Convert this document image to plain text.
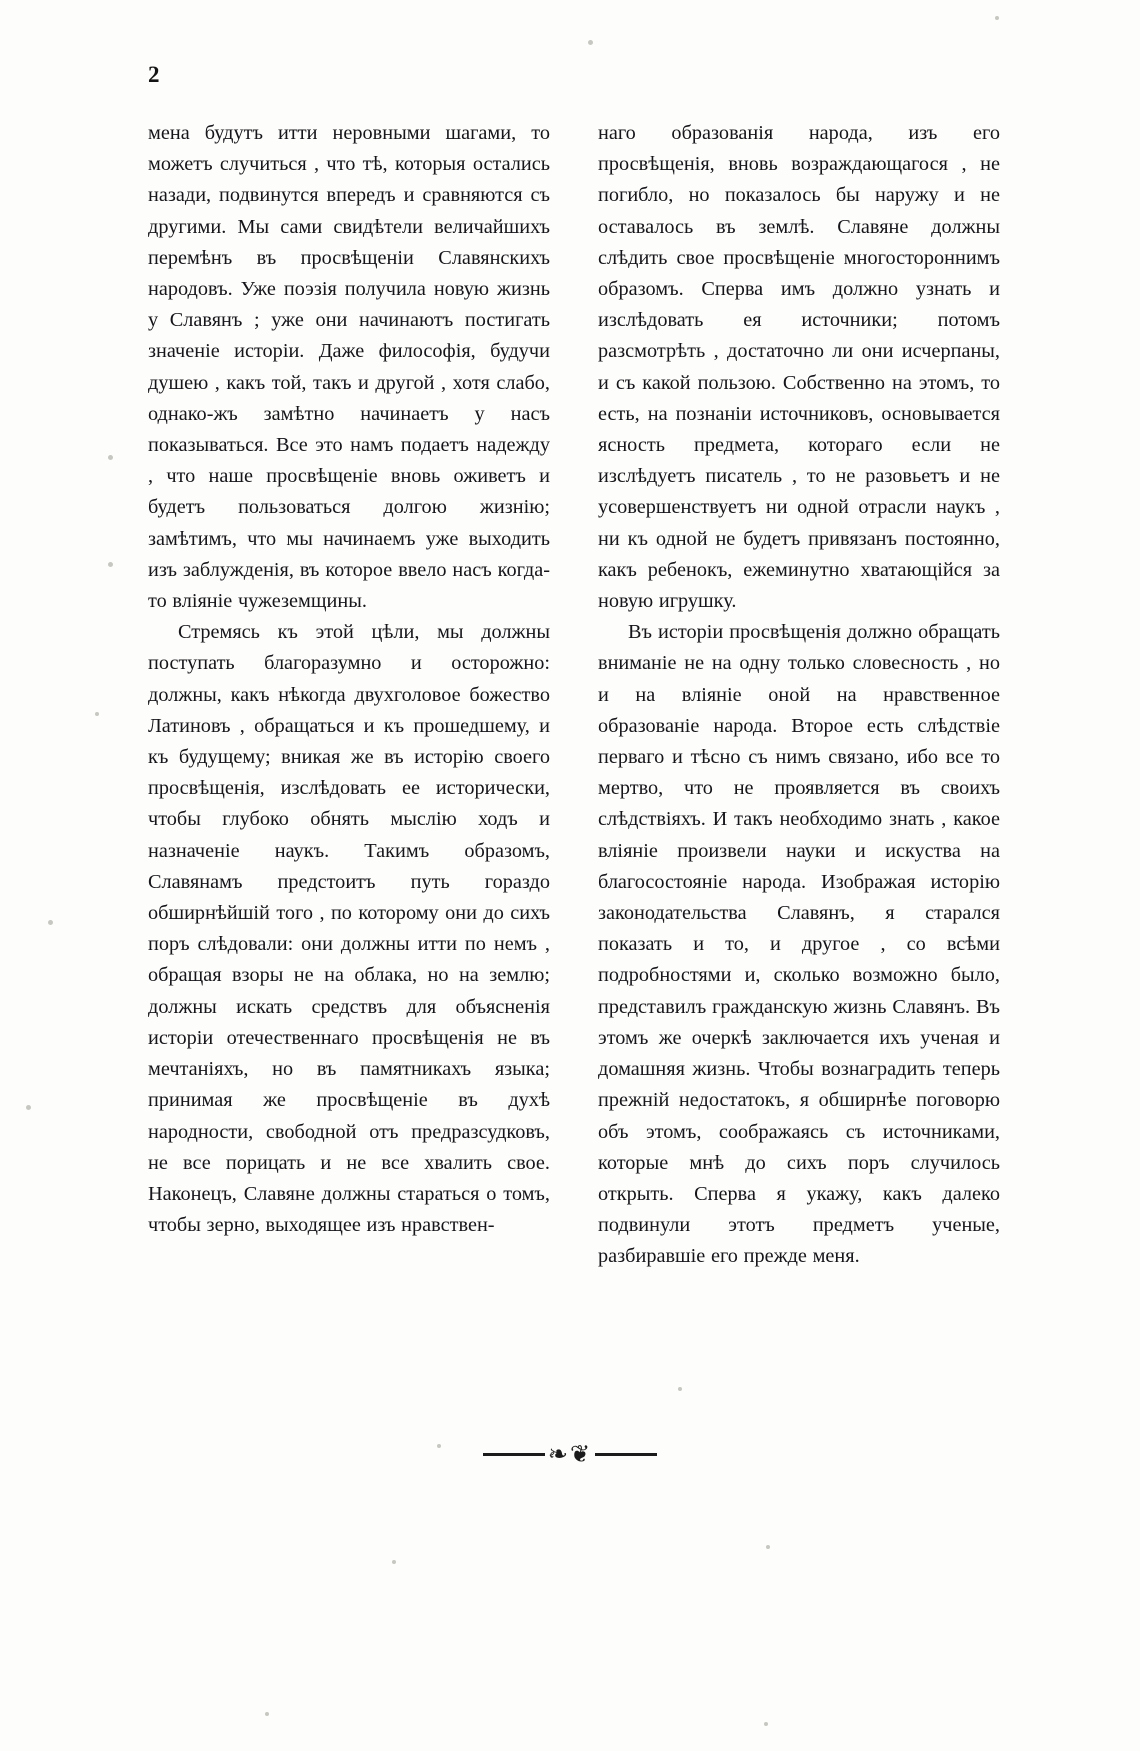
2

мена будутъ итти неровными шагами, то можетъ случиться , что тѣ, которыя остались назади, подвинутся впередъ и сравняются съ другими. Мы сами свидѣтели величайшихъ перемѣнъ въ просвѣщеніи Славянскихъ народовъ. Уже поэзія получила новую жизнь у Славянъ ; уже они начинаютъ постигать значеніе исторіи. Даже философія, будучи душею , какъ той, такъ и другой , хотя слабо, однако-жъ замѣтно начинаетъ у насъ показываться. Все это намъ подаетъ надежду , что наше просвѣщеніе вновь оживетъ и будетъ пользоваться долгою жизнію; замѣтимъ, что мы начинаемъ уже выходить изъ заблужденія, въ которое ввело насъ когда-то вліяніе чужеземщины.

Стремясь къ этой цѣли, мы должны поступать благоразумно и осторожно: должны, какъ нѣкогда двухголовое божество Латиновъ , обращаться и къ прошедшему, и къ будущему; вникая же въ исторію своего просвѣщенія, изслѣдовать ее исторически, чтобы глубоко обнять мыслію ходъ и назначеніе наукъ. Такимъ образомъ, Славянамъ предстоитъ путь гораздо обширнѣйшій того , по которому они до сихъ поръ слѣдовали: они должны итти по немъ , обращая взоры не на облака, но на землю; должны искать средствъ для объясненія исторіи отечественнаго просвѣщенія не въ мечтаніяхъ, но въ памятникахъ языка; принимая же просвѣщеніе въ духѣ народности, свободной отъ предразсудковъ, не все порицать и не все хвалить свое. Наконецъ, Славяне должны стараться о томъ, чтобы зерно, выходящее изъ нравствен-

наго образованія народа, изъ его просвѣщенія, вновь возраждающагося , не погибло, но показалось бы наружу и не оставалось въ землѣ. Славяне должны слѣдить свое просвѣщеніе многостороннимъ образомъ. Сперва имъ должно узнать и изслѣдовать ея источники; потомъ разсмотрѣть , достаточно ли они исчерпаны, и съ какой пользою. Собственно на этомъ, то есть, на познаніи источниковъ, основывается ясность предмета, котораго если не изслѣдуетъ писатель , то не разовьетъ и не усовершенствуетъ ни одной отрасли наукъ , ни къ одной не будетъ привязанъ постоянно, какъ ребенокъ, ежеминутно хватающійся за новую игрушку.

Въ исторіи просвѣщенія должно обращать вниманіе не на одну только словесность , но и на вліяніе оной на нравственное образованіе народа. Второе есть слѣдствіе перваго и тѣсно съ нимъ связано, ибо все то мертво, что не проявляется въ своихъ слѣдствіяхъ. И такъ необходимо знать , какое вліяніе произвели науки и искуства на благосостояніе народа. Изображая исторію законодательства Славянъ, я старался показать и то, и другое , со всѣми подробностями и, сколько возможно было, представилъ гражданскую жизнь Славянъ. Въ этомъ же очеркѣ заключается ихъ ученая и домашняя жизнь. Чтобы вознаградить теперь прежній недостатокъ, я обширнѣе поговорю объ этомъ, соображаясь съ источниками, которые мнѣ до сихъ поръ случилось открыть. Сперва я укажу, какъ далеко подвинули этотъ предметъ ученые, разбиравшіе его прежде меня.

❧❦
